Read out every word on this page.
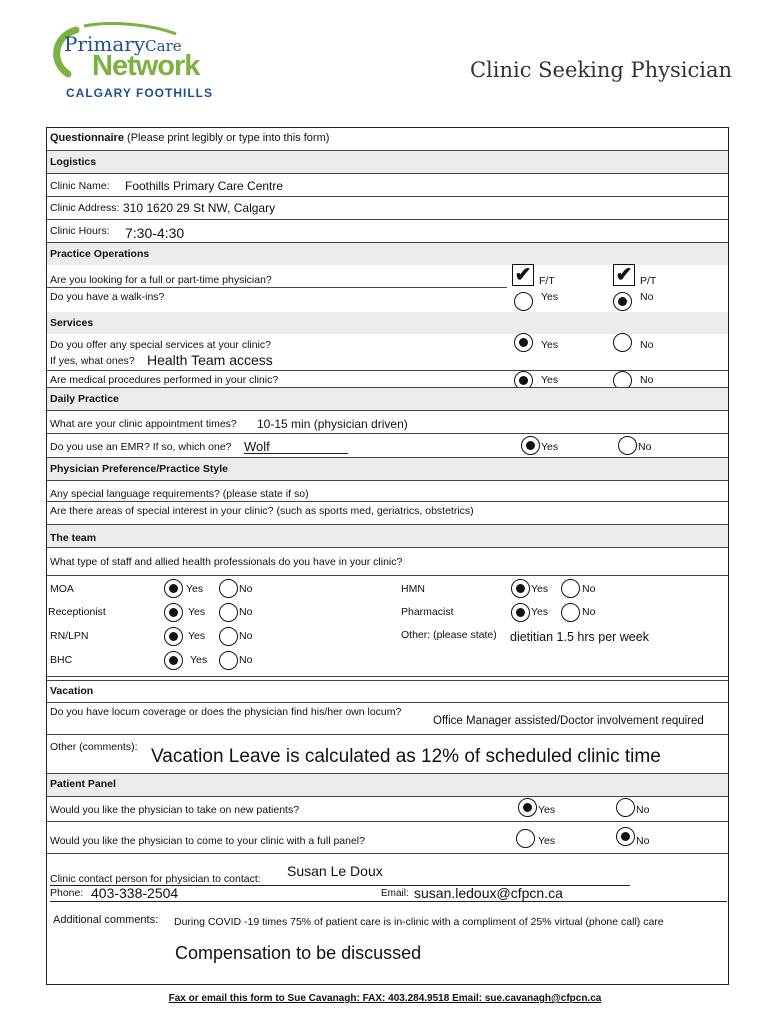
PrimaryCare
Network
CALGARY FOOTHILLS
Clinic Seeking Physician
Questionnaire (Please print legibly or type into this form)
Logistics
Clinic Name: Foothills Primary Care Centre
Clinic Address: 310 1620 29 St NW, Calgary
Clinic Hours: 7:30-4:30
Practice Operations
Are you looking for a full or part-time physician?	✔ F/T	✔ P/T
Do you have a walk-ins?	Yes	No
Services
Do you offer any special services at your clinic?	Yes	No
If yes, what ones? Health Team access
Are medical procedures performed in your clinic?	Yes	No
Daily Practice
What are your clinic appointment times? 10-15 min (physician driven)
Do you use an EMR? If so, which one? Wolf	Yes	No
Physician Preference/Practice Style
Any special language requirements? (please state if so)
Are there areas of special interest in your clinic? (such as sports med, geriatrics, obstetrics)
The team
What type of staff and allied health professionals do you have in your clinic?
MOA	Yes	No	HMN	Yes	No
Receptionist	Yes	No	Pharmacist	Yes	No
RN/LPN	Yes	No	Other: (please state) dietitian 1.5 hrs per week
BHC	Yes	No
Vacation
Do you have locum coverage or does the physician find his/her own locum?
Office Manager assisted/Doctor involvement required
Other (comments): Vacation Leave is calculated as 12% of scheduled clinic time
Patient Panel
Would you like the physician to take on new patients?	Yes	No
Would you like the physician to come to your clinic with a full panel?	Yes	No
Clinic contact person for physician to contact: Susan Le Doux
Phone: 403-338-2504	Email: susan.ledoux@cfpcn.ca
Additional comments: During COVID -19 times 75% of patient care is in-clinic with a compliment of 25% virtual (phone call) care
Compensation to be discussed
Fax or email this form to Sue Cavanagh: FAX: 403.284.9518 Email: sue.cavanagh@cfpcn.ca
